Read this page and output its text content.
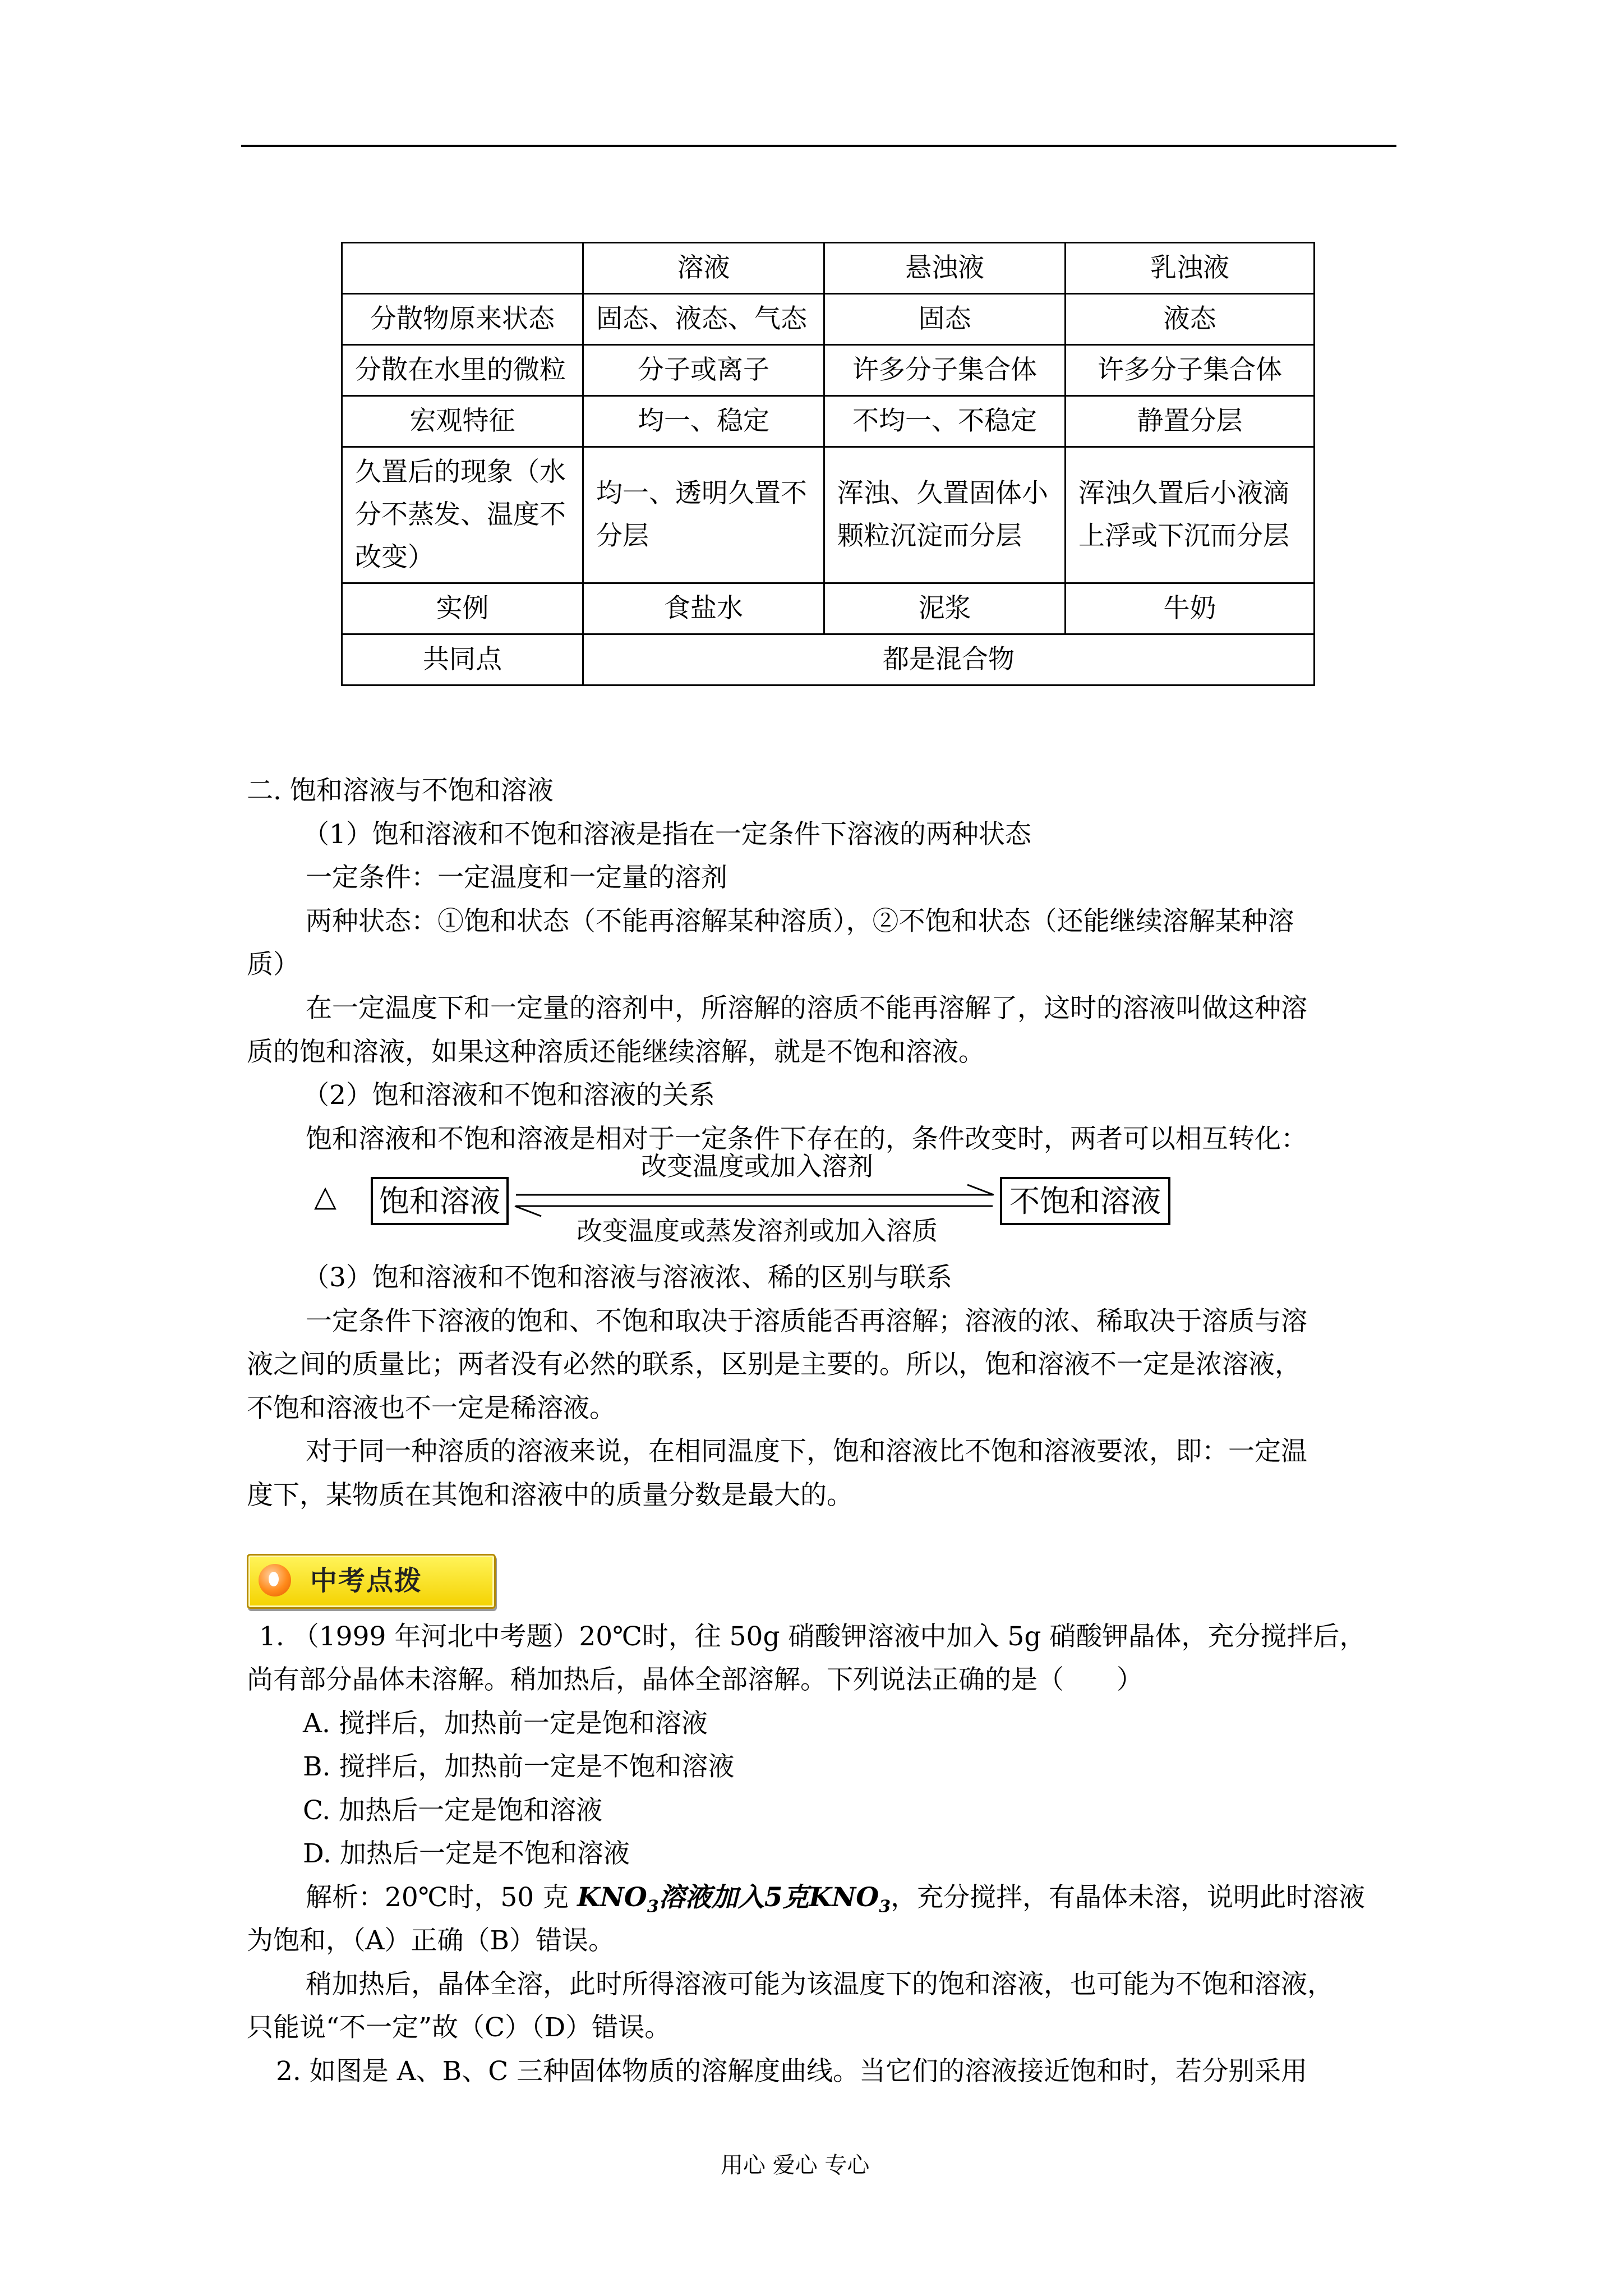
	溶液	悬浊液	乳浊液
分散物原来状态	固态、液态、气态	固态	液态
分散在水里的微粒	分子或离子	许多分子集合体	许多分子集合体
宏观特征	均一、稳定	不均一、不稳定	静置分层
久置后的现象（水分不蒸发、温度不改变）	均一、透明久置不分层	浑浊、久置固体小颗粒沉淀而分层	浑浊久置后小液滴上浮或下沉而分层
实例	食盐水	泥浆	牛奶
共同点	都是混合物		
二. 饱和溶液与不饱和溶液
（1）饱和溶液和不饱和溶液是指在一定条件下溶液的两种状态
一定条件：一定温度和一定量的溶剂
两种状态：①饱和状态（不能再溶解某种溶质），②不饱和状态（还能继续溶解某种溶
质）
在一定温度下和一定量的溶剂中，所溶解的溶质不能再溶解了，这时的溶液叫做这种溶
质的饱和溶液，如果这种溶质还能继续溶解，就是不饱和溶液。
（2）饱和溶液和不饱和溶液的关系
饱和溶液和不饱和溶液是相对于一定条件下存在的，条件改变时，两者可以相互转化：
△ 饱和溶液	不饱和溶液
改变温度或加入溶剂
改变温度或蒸发溶剂或加入溶质
（3）饱和溶液和不饱和溶液与溶液浓、稀的区别与联系
一定条件下溶液的饱和、不饱和取决于溶质能否再溶解；溶液的浓、稀取决于溶质与溶
液之间的质量比；两者没有必然的联系，区别是主要的。所以，饱和溶液不一定是浓溶液，
不饱和溶液也不一定是稀溶液。
对于同一种溶质的溶液来说，在相同温度下，饱和溶液比不饱和溶液要浓，即：一定温
度下，某物质在其饱和溶液中的质量分数是最大的。
中考点拨
1. （1999 年河北中考题）20℃时，往 50g 硝酸钾溶液中加入 5g 硝酸钾晶体，充分搅拌后，
尚有部分晶体未溶解。稍加热后，晶体全部溶解。下列说法正确的是（　　）
A. 搅拌后，加热前一定是饱和溶液
B. 搅拌后，加热前一定是不饱和溶液
C. 加热后一定是饱和溶液
D. 加热后一定是不饱和溶液
解析：20℃时，50 克 $KNO_3$溶液加入5克$KNO_3$，充分搅拌，有晶体未溶，说明此时溶液
为饱和，（A）正确（B）错误。
稍加热后，晶体全溶，此时所得溶液可能为该温度下的饱和溶液，也可能为不饱和溶液，
只能说“不一定”故（C）（D）错误。
2. 如图是 A、B、C 三种固体物质的溶解度曲线。当它们的溶液接近饱和时，若分别采用
用心 爱心 专心
